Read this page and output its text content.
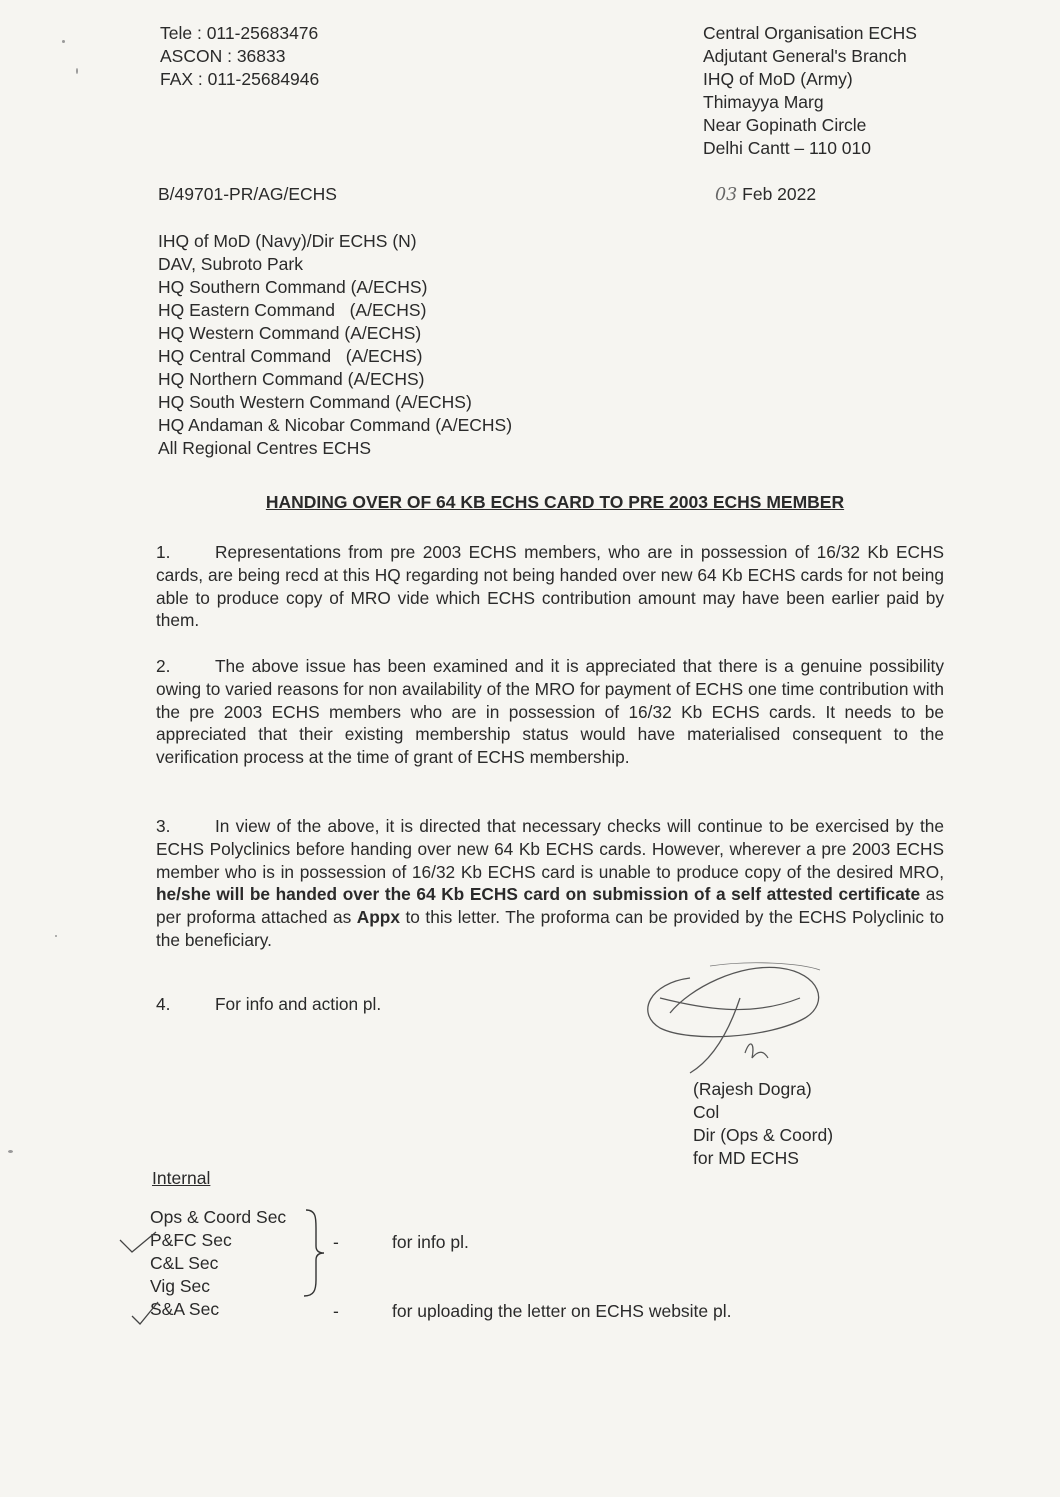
Tele : 011-25683476
ASCON : 36833
FAX : 011-25684946
Central Organisation ECHS
Adjutant General's Branch
IHQ of MoD (Army)
Thimayya Marg
Near Gopinath Circle
Delhi Cantt – 110 010
B/49701-PR/AG/ECHS	03 Feb 2022
IHQ of MoD (Navy)/Dir ECHS (N)
DAV, Subroto Park
HQ Southern Command (A/ECHS)
HQ Eastern Command   (A/ECHS)
HQ Western Command (A/ECHS)
HQ Central Command   (A/ECHS)
HQ Northern Command (A/ECHS)
HQ South Western Command (A/ECHS)
HQ Andaman & Nicobar Command (A/ECHS)
All Regional Centres ECHS
HANDING OVER OF 64 KB ECHS CARD TO PRE 2003 ECHS MEMBER
1.	Representations from pre 2003 ECHS members, who are in possession of 16/32 Kb ECHS cards, are being recd at this HQ regarding not being handed over new 64 Kb ECHS cards for not being able to produce copy of MRO vide which ECHS contribution amount may have been earlier paid by them.
2.	The above issue has been examined and it is appreciated that there is a genuine possibility owing to varied reasons for non availability of the MRO for payment of ECHS one time contribution with the pre 2003 ECHS members who are in possession of 16/32 Kb ECHS cards. It needs to be appreciated that their existing membership status would have materialised consequent to the verification process at the time of grant of ECHS membership.
3.	In view of the above, it is directed that necessary checks will continue to be exercised by the ECHS Polyclinics before handing over new 64 Kb ECHS cards. However, wherever a pre 2003 ECHS member who is in possession of 16/32 Kb ECHS card is unable to produce copy of the desired MRO, he/she will be handed over the 64 Kb ECHS card on submission of a self attested certificate as per proforma attached as Appx to this letter. The proforma can be provided by the ECHS Polyclinic to the beneficiary.
4.	For info and action pl.
(Rajesh Dogra)
Col
Dir (Ops & Coord)
for MD ECHS
Internal
Ops & Coord Sec
P&FC Sec
C&L Sec
Vig Sec
S&A Sec
-
-
for info pl.
for uploading the letter on ECHS website pl.
